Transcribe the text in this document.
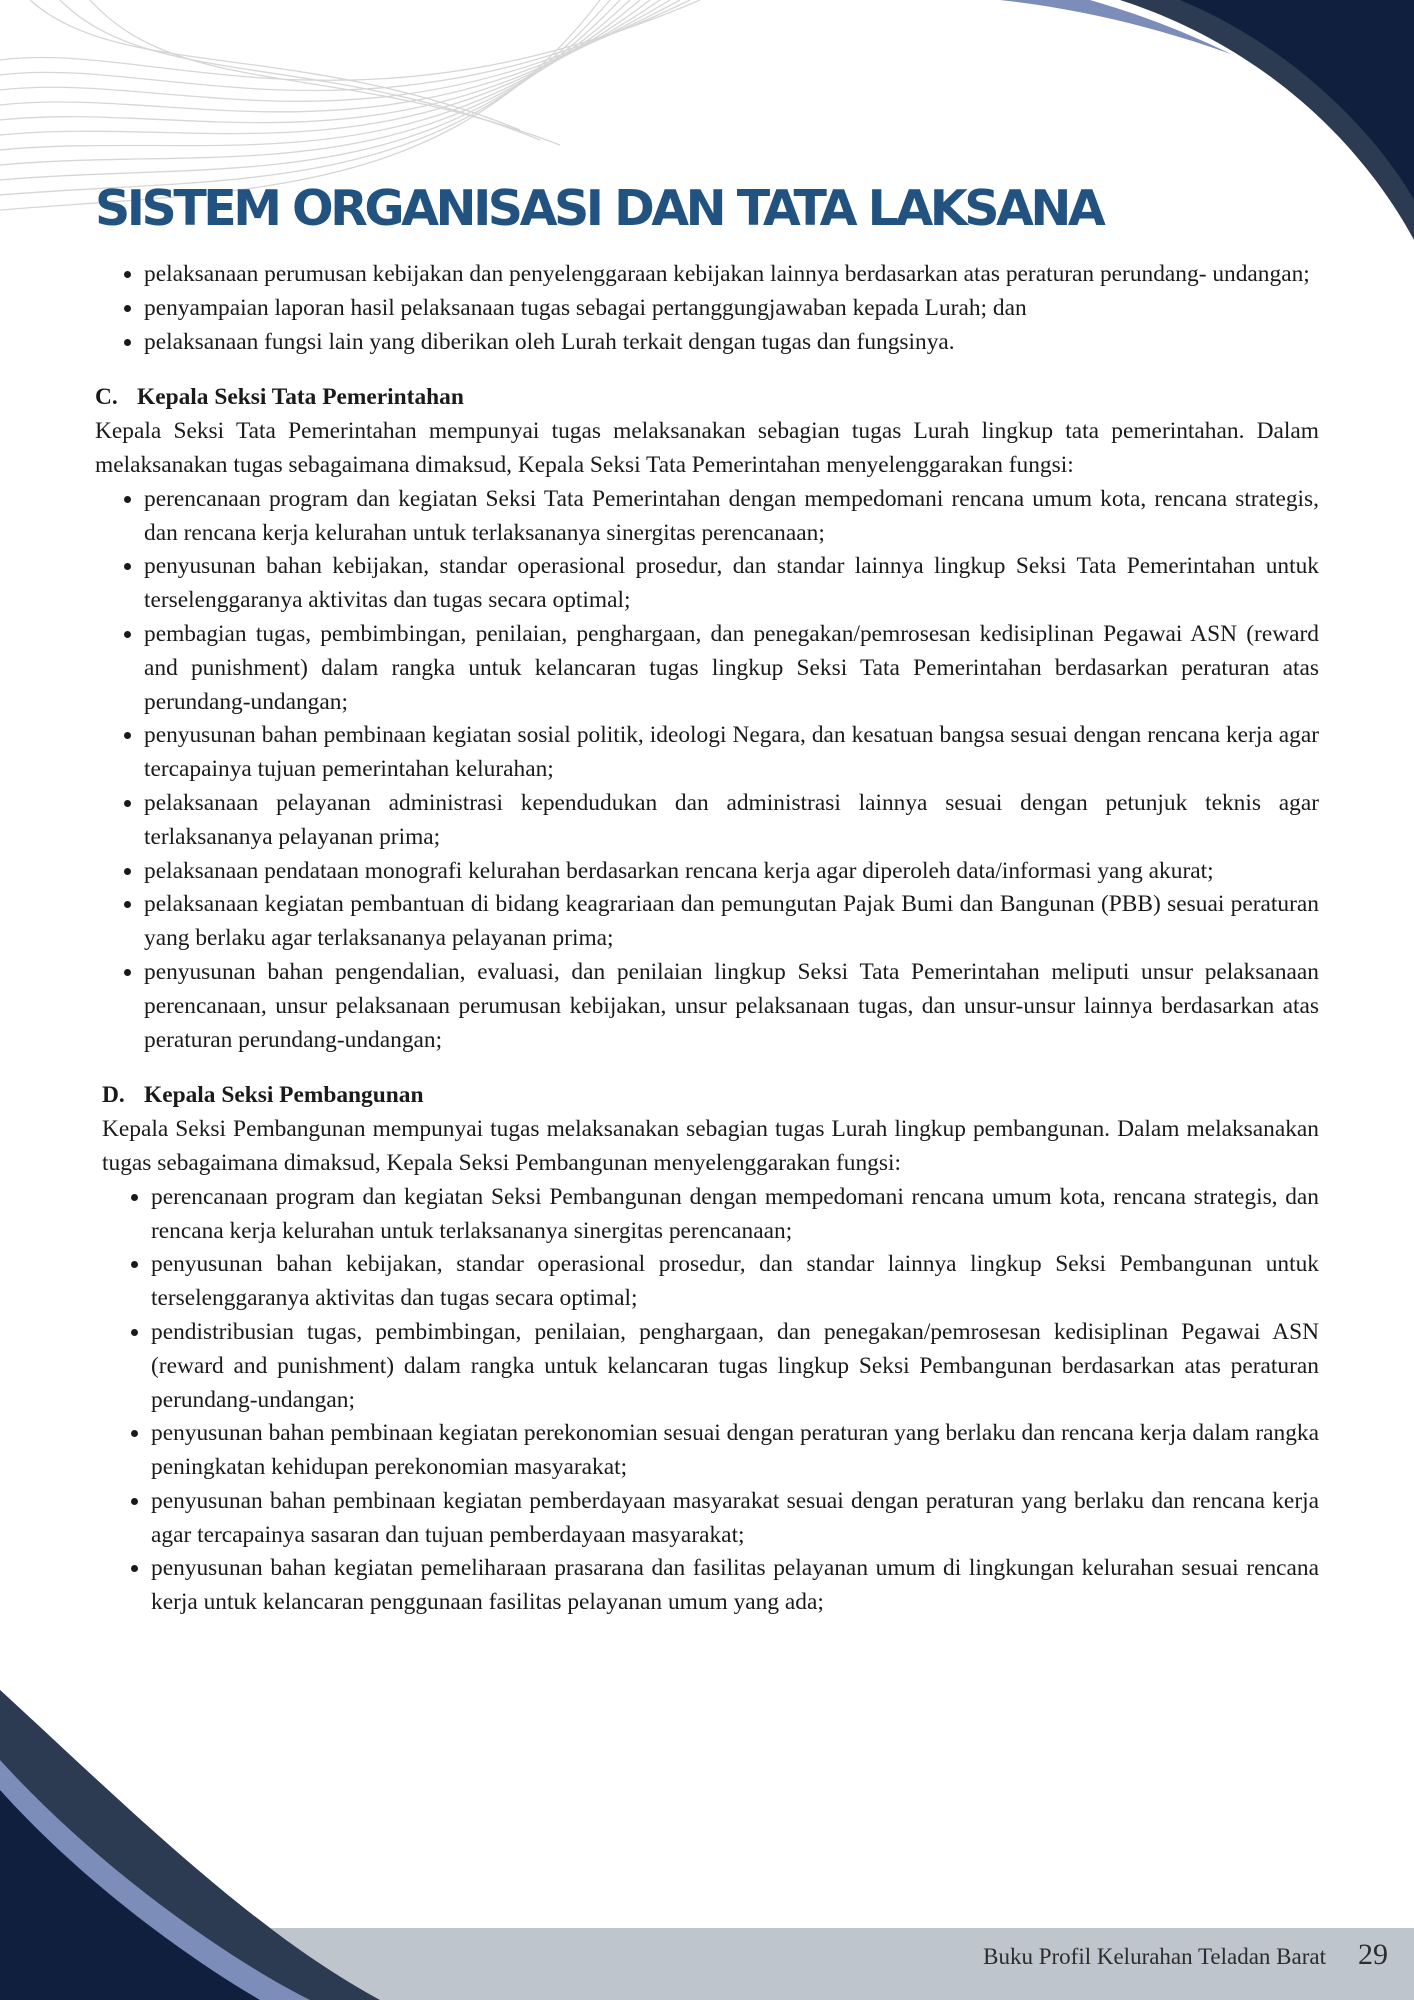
SISTEM ORGANISASI DAN TATA LAKSANA
• pelaksanaan perumusan kebijakan dan penyelenggaraan kebijakan lainnya berdasarkan atas peraturan perundang- undangan;
• penyampaian laporan hasil pelaksanaan tugas sebagai pertanggungjawaban kepada Lurah; dan
• pelaksanaan fungsi lain yang diberikan oleh Lurah terkait dengan tugas dan fungsinya.

C. Kepala Seksi Tata Pemerintahan

Kepala Seksi Tata Pemerintahan mempunyai tugas melaksanakan sebagian tugas Lurah lingkup tata pemerintahan. Dalam melaksanakan tugas sebagaimana dimaksud, Kepala Seksi Tata Pemerintahan menyelenggarakan fungsi:

• perencanaan program dan kegiatan Seksi Tata Pemerintahan dengan mempedomani rencana umum kota, rencana strategis, dan rencana kerja kelurahan untuk terlaksananya sinergitas perencanaan;
• penyusunan bahan kebijakan, standar operasional prosedur, dan standar lainnya lingkup Seksi Tata Pemerintahan untuk terselenggaranya aktivitas dan tugas secara optimal;
• pembagian tugas, pembimbingan, penilaian, penghargaan, dan penegakan/pemrosesan kedisiplinan Pegawai ASN (reward and punishment) dalam rangka untuk kelancaran tugas lingkup Seksi Tata Pemerintahan berdasarkan peraturan atas perundang-undangan;
• penyusunan bahan pembinaan kegiatan sosial politik, ideologi Negara, dan kesatuan bangsa sesuai dengan rencana kerja agar tercapainya tujuan pemerintahan kelurahan;
• pelaksanaan pelayanan administrasi kependudukan dan administrasi lainnya sesuai dengan petunjuk teknis agar terlaksananya pelayanan prima;
• pelaksanaan pendataan monografi kelurahan berdasarkan rencana kerja agar diperoleh data/informasi yang akurat;
• pelaksanaan kegiatan pembantuan di bidang keagrariaan dan pemungutan Pajak Bumi dan Bangunan (PBB) sesuai peraturan yang berlaku agar terlaksananya pelayanan prima;
• penyusunan bahan pengendalian, evaluasi, dan penilaian lingkup Seksi Tata Pemerintahan meliputi unsur pelaksanaan perencanaan, unsur pelaksanaan perumusan kebijakan, unsur pelaksanaan tugas, dan unsur-unsur lainnya berdasarkan atas peraturan perundang-undangan;

D. Kepala Seksi Pembangunan

Kepala Seksi Pembangunan mempunyai tugas melaksanakan sebagian tugas Lurah lingkup pembangunan. Dalam melaksanakan tugas sebagaimana dimaksud, Kepala Seksi Pembangunan menyelenggarakan fungsi:

• perencanaan program dan kegiatan Seksi Pembangunan dengan mempedomani rencana umum kota, rencana strategis, dan rencana kerja kelurahan untuk terlaksananya sinergitas perencanaan;
• penyusunan bahan kebijakan, standar operasional prosedur, dan standar lainnya lingkup Seksi Pembangunan untuk terselenggaranya aktivitas dan tugas secara optimal;
• pendistribusian tugas, pembimbingan, penilaian, penghargaan, dan penegakan/pemrosesan kedisiplinan Pegawai ASN (reward and punishment) dalam rangka untuk kelancaran tugas lingkup Seksi Pembangunan berdasarkan atas peraturan perundang-undangan;
• penyusunan bahan pembinaan kegiatan perekonomian sesuai dengan peraturan yang berlaku dan rencana kerja dalam rangka peningkatan kehidupan perekonomian masyarakat;
• penyusunan bahan pembinaan kegiatan pemberdayaan masyarakat sesuai dengan peraturan yang berlaku dan rencana kerja agar tercapainya sasaran dan tujuan pemberdayaan masyarakat;
• penyusunan bahan kegiatan pemeliharaan prasarana dan fasilitas pelayanan umum di lingkungan kelurahan sesuai rencana kerja untuk kelancaran penggunaan fasilitas pelayanan umum yang ada;
Buku Profil Kelurahan Teladan Barat 29
